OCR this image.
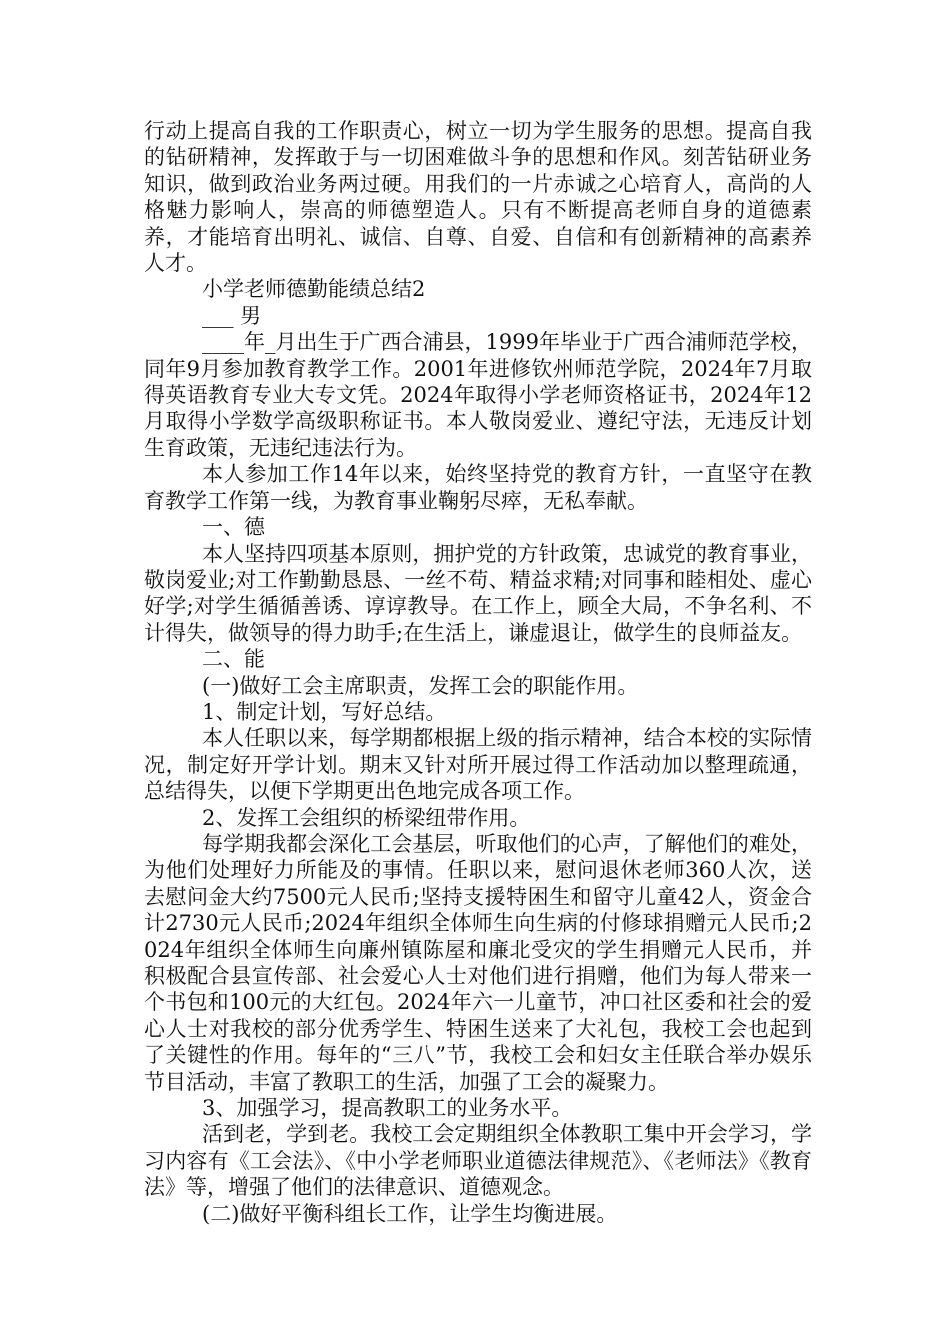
行动上提高自我的工作职责心，树立一切为学生服务的思想。提高自我的钻研精神，发挥敢于与一切困难做斗争的思想和作风。刻苦钻研业务知识，做到政治业务两过硬。用我们的一片赤诚之心培育人，高尚的人格魅力影响人，崇高的师德塑造人。只有不断提高老师自身的道德素养，才能培育出明礼、诚信、自尊、自爱、自信和有创新精神的高素养人才。

小学老师德勤能绩总结2

___ 男

____年_月出生于广西合浦县，1999年毕业于广西合浦师范学校，同年9月参加教育教学工作。2001年进修钦州师范学院，2024年7月取得英语教育专业大专文凭。2024年取得小学老师资格证书，2024年12月取得小学数学高级职称证书。本人敬岗爱业、遵纪守法，无违反计划生育政策，无违纪违法行为。

本人参加工作14年以来，始终坚持党的教育方针，一直坚守在教育教学工作第一线，为教育事业鞠躬尽瘁，无私奉献。

一、德

本人坚持四项基本原则，拥护党的方针政策，忠诚党的教育事业，敬岗爱业;对工作勤勤恳恳、一丝不苟、精益求精;对同事和睦相处、虚心好学;对学生循循善诱、谆谆教导。在工作上，顾全大局，不争名利、不计得失，做领导的得力助手;在生活上，谦虚退让，做学生的良师益友。

二、能

(一)做好工会主席职责，发挥工会的职能作用。

1、制定计划，写好总结。

本人任职以来，每学期都根据上级的指示精神，结合本校的实际情况，制定好开学计划。期末又针对所开展过得工作活动加以整理疏通，总结得失，以便下学期更出色地完成各项工作。

2、发挥工会组织的桥梁纽带作用。

每学期我都会深化工会基层，听取他们的心声，了解他们的难处，为他们处理好力所能及的事情。任职以来，慰问退休老师360人次，送去慰问金大约7500元人民币;坚持支援特困生和留守儿童42人，资金合计2730元人民币;2024年组织全体师生向生病的付修球捐赠元人民币;2024年组织全体师生向廉州镇陈屋和廉北受灾的学生捐赠元人民币，并积极配合县宣传部、社会爱心人士对他们进行捐赠，他们为每人带来一个书包和100元的大红包。2024年六一儿童节，冲口社区委和社会的爱心人士对我校的部分优秀学生、特困生送来了大礼包，我校工会也起到了关键性的作用。每年的“三八”节，我校工会和妇女主任联合举办娱乐节目活动，丰富了教职工的生活，加强了工会的凝聚力。

3、加强学习，提高教职工的业务水平。

活到老，学到老。我校工会定期组织全体教职工集中开会学习，学习内容有《工会法》、《中小学老师职业道德法律规范》、《老师法》《教育法》等，增强了他们的法律意识、道德观念。

(二)做好平衡科组长工作，让学生均衡进展。
